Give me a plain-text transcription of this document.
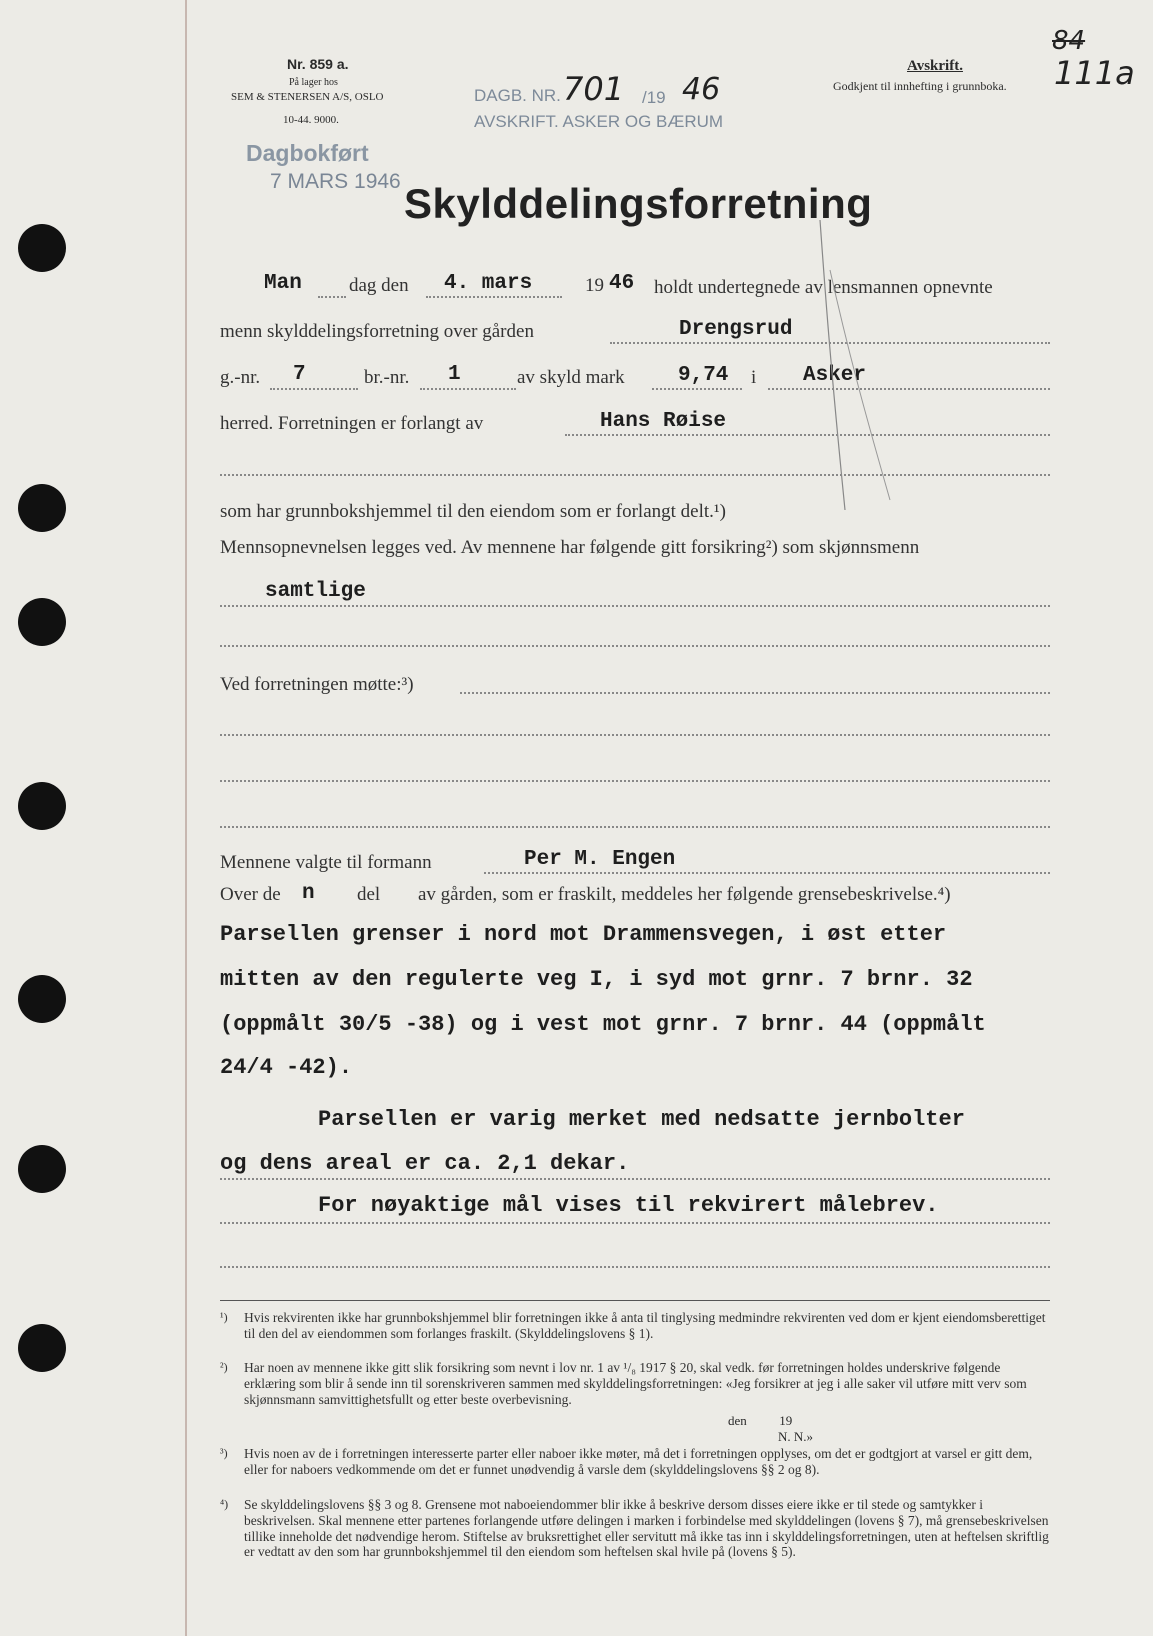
Nr. 859 a.
På lager hos
SEM & STENERSEN A/S, OSLO
10-44. 9000.
Dagbokført
7 MARS 1946
DAGB. NR. 701 /19 46
AVSKRIFT. ASKER OG BÆRUM
Avskrift.
Godkjent til innhefting i grunnboka.
84
111a
Skylddelingsforretning
Man dag den 4. mars	19 46 holdt undertegnede av lensmannen opnevnte
menn skylddelingsforretning over gården	Drengsrud
g.-nr. 7	br.-nr. 1	av skyld mark	9,74 i Asker
herred. Forretningen er forlangt av	Hans Røise
som har grunnbokshjemmel til den eiendom som er forlangt delt.¹)
Mennsopnevnelsen legges ved. Av mennene har følgende gitt forsikring²) som skjønnsmenn
samtlige
Ved forretningen møtte:³)
Mennene valgte til formann	Per M. Engen
Over de n del av gården, som er fraskilt, meddeles her følgende grensebeskrivelse.⁴)
Parsellen grenser i nord mot Drammensvegen, i øst etter
mitten av den regulerte veg I, i syd mot grnr. 7 brnr. 32
(oppmålt 30/5 -38) og i vest mot grnr. 7 brnr. 44 (oppmålt
24/4 -42).
Parsellen er varig merket med nedsatte jernbolter
og dens areal er ca. 2,1 dekar.
For nøyaktige mål vises til rekvirert målebrev.
¹) Hvis rekvirenten ikke har grunnbokshjemmel blir forretningen ikke å anta til tinglysing medmindre rekvirenten ved dom er kjent eiendomsberettiget til den del av eiendommen som forlanges fraskilt. (Skylddelingslovens § 1).
²) Har noen av mennene ikke gitt slik forsikring som nevnt i lov nr. 1 av ¹/₈ 1917 § 20, skal vedk. før forretningen holdes underskrive følgende erklæring som blir å sende inn til sorenskriveren sammen med skylddelingsforretningen: «Jeg forsikrer at jeg i alle saker vil utføre mitt verv som skjønnsmann samvittighetsfullt og etter beste overbevisning.
den          19
N. N.»
³) Hvis noen av de i forretningen interesserte parter eller naboer ikke møter, må det i forretningen opplyses, om det er godtgjort at varsel er gitt dem, eller for naboers vedkommende om det er funnet unødvendig å varsle dem (skylddelingslovens §§ 2 og 8).
⁴) Se skylddelingslovens §§ 3 og 8. Grensene mot naboeiendommer blir ikke å beskrive dersom disses eiere ikke er til stede og samtykker i beskrivelsen. Skal mennene etter partenes forlangende utføre delingen i marken i forbindelse med skylddelingen (lovens § 7), må grensebeskrivelsen tillike inneholde det nødvendige herom. Stiftelse av bruksrettighet eller servitutt må ikke tas inn i skylddelingsforretningen, uten at heftelsen skriftlig er vedtatt av den som har grunnbokshjemmel til den eiendom som heftelsen skal hvile på (lovens § 5).
